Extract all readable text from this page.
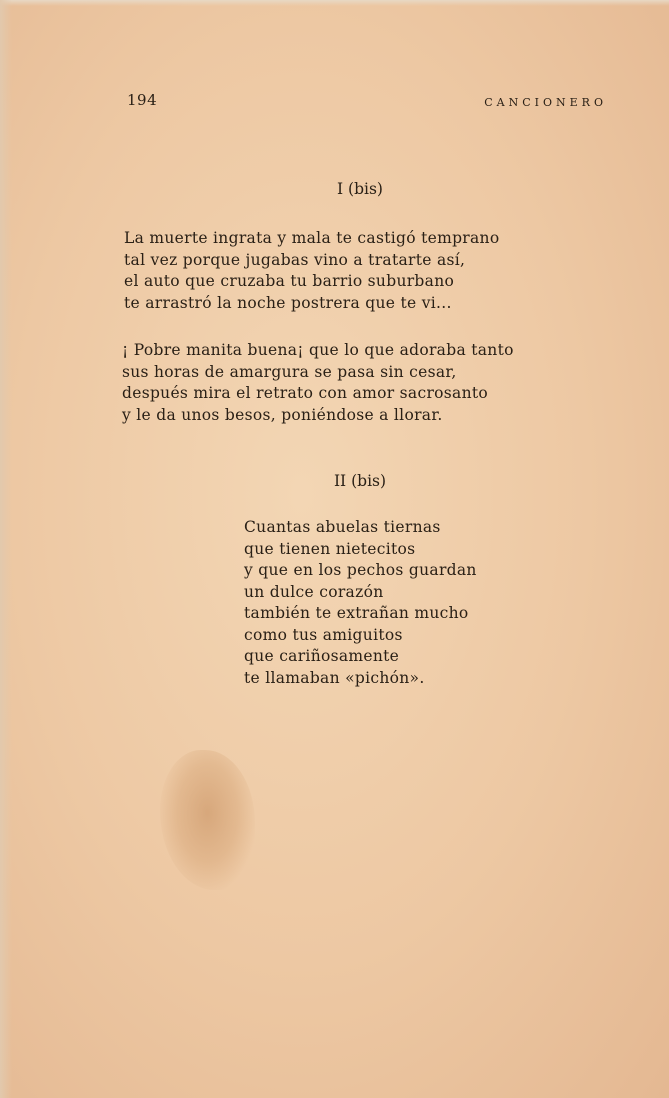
194	CANCIONERO
I (bis)
La muerte ingrata y mala te castigó temprano
tal vez porque jugabas vino a tratarte así,
el auto que cruzaba tu barrio suburbano
te arrastró la noche postrera que te vi...
¡ Pobre manita buena¡ que lo que adoraba tanto
sus horas de amargura se pasa sin cesar,
después mira el retrato con amor sacrosanto
y le da unos besos, poniéndose a llorar.
II (bis)
Cuantas abuelas tiernas
que tienen nietecitos
y que en los pechos guardan
un dulce corazón
también te extrañan mucho
como tus amiguitos
que cariñosamente
te llamaban «pichón».
